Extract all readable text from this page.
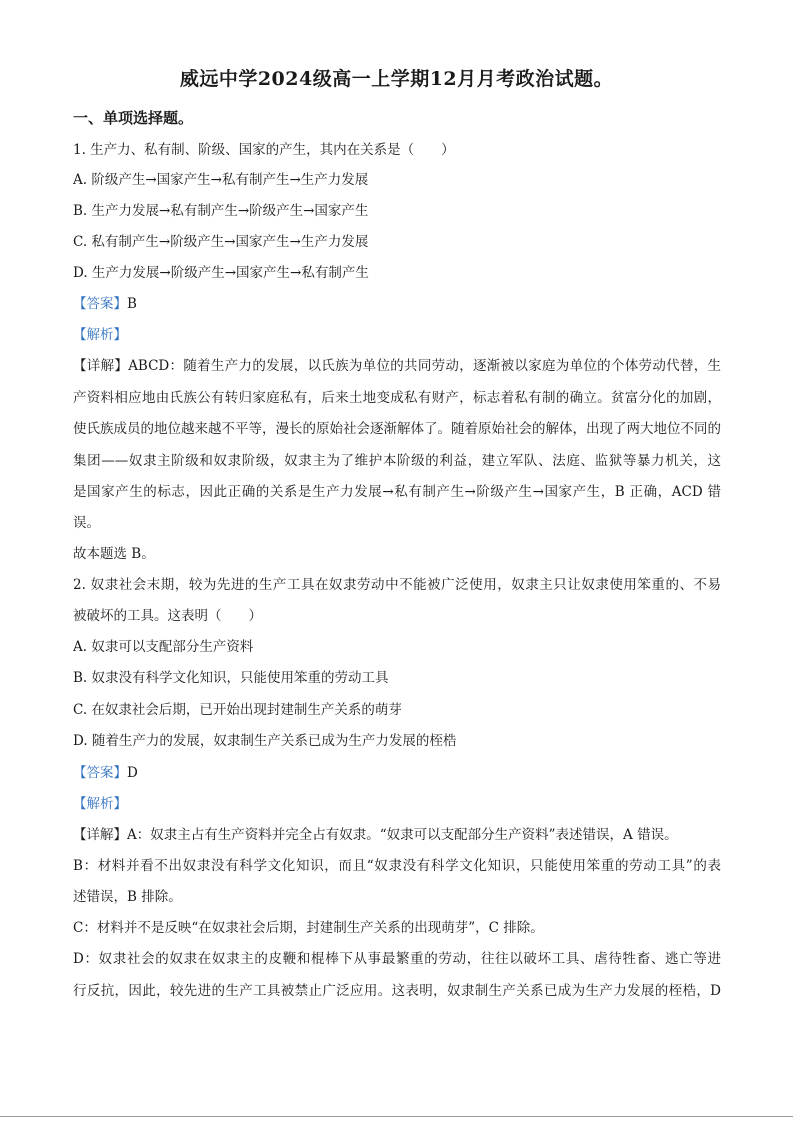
威远中学2024级高一上学期12月月考政治试题。
一、单项选择题。
1. 生产力、私有制、阶级、国家的产生，其内在关系是（　　）
A. 阶级产生→国家产生→私有制产生→生产力发展
B. 生产力发展→私有制产生→阶级产生→国家产生
C. 私有制产生→阶级产生→国家产生→生产力发展
D. 生产力发展→阶级产生→国家产生→私有制产生
【答案】B
【解析】
【详解】ABCD：随着生产力的发展，以氏族为单位的共同劳动，逐渐被以家庭为单位的个体劳动代替，生
产资料相应地由氏族公有转归家庭私有，后来土地变成私有财产，标志着私有制的确立。贫富分化的加剧，
使氏族成员的地位越来越不平等，漫长的原始社会逐渐解体了。随着原始社会的解体，出现了两大地位不同的
集团——奴隶主阶级和奴隶阶级，奴隶主为了维护本阶级的利益，建立军队、法庭、监狱等暴力机关，这
是国家产生的标志，因此正确的关系是生产力发展→私有制产生→阶级产生→国家产生，B 正确，ACD 错
误。
故本题选 B。
2. 奴隶社会末期，较为先进的生产工具在奴隶劳动中不能被广泛使用，奴隶主只让奴隶使用笨重的、不易
被破坏的工具。这表明（　　）
A. 奴隶可以支配部分生产资料
B. 奴隶没有科学文化知识，只能使用笨重的劳动工具
C. 在奴隶社会后期，已开始出现封建制生产关系的萌芽
D. 随着生产力的发展，奴隶制生产关系已成为生产力发展的桎梏
【答案】D
【解析】
【详解】A：奴隶主占有生产资料并完全占有奴隶。“奴隶可以支配部分生产资料”表述错误，A 错误。
B：材料并看不出奴隶没有科学文化知识，而且“奴隶没有科学文化知识，只能使用笨重的劳动工具”的表
述错误，B 排除。
C：材料并不是反映“在奴隶社会后期，封建制生产关系的出现萌芽”，C 排除。
D：奴隶社会的奴隶在奴隶主的皮鞭和棍棒下从事最繁重的劳动，往往以破坏工具、虐待牲畜、逃亡等进
行反抗，因此，较先进的生产工具被禁止广泛应用。这表明，奴隶制生产关系已成为生产力发展的桎梏，D
